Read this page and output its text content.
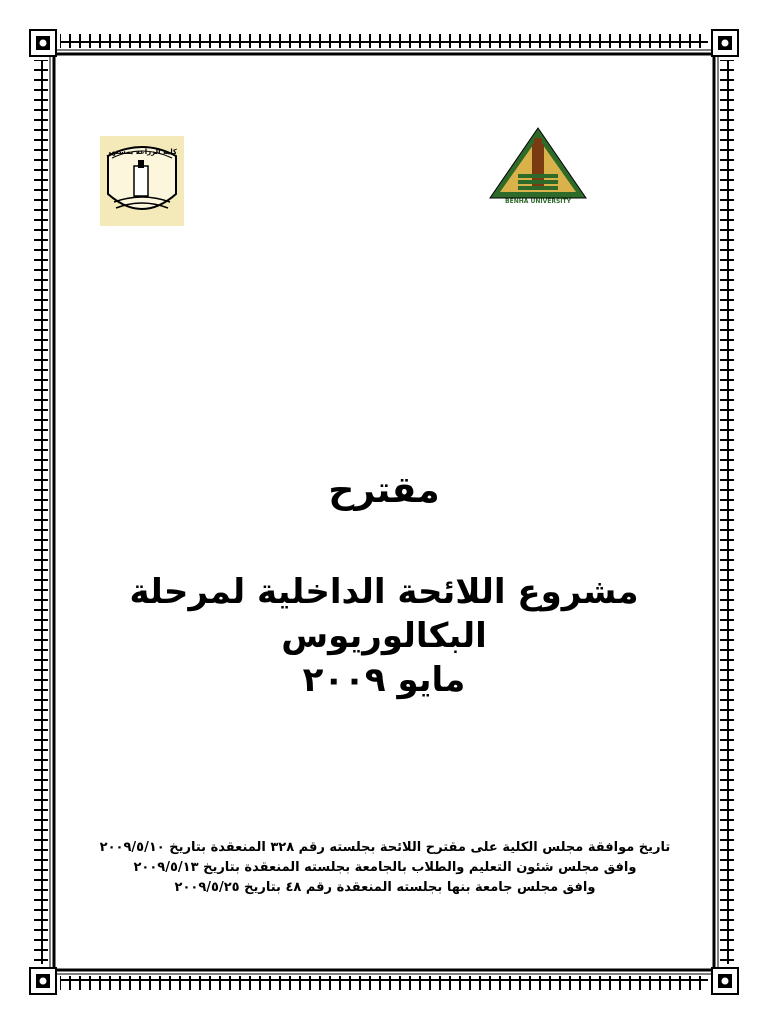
كلية الزراعة بمشتهر
BENHA UNIVERSITY
مقترح
مشروع اللائحة الداخلية لمرحلة البكالوريوس
مايو ٢٠٠٩
تاريخ موافقة مجلس الكلية على مقترح اللائحة بجلسته رقم ٣٢٨ المنعقدة بتاريخ ٢٠٠٩/٥/١٠
وافق مجلس شئون التعليم والطلاب بالجامعة بجلسته المنعقدة بتاريخ ٢٠٠٩/٥/١٣
وافق مجلس جامعة بنها بجلسته المنعقدة رقم ٤٨ بتاريخ ٢٠٠٩/٥/٢٥
